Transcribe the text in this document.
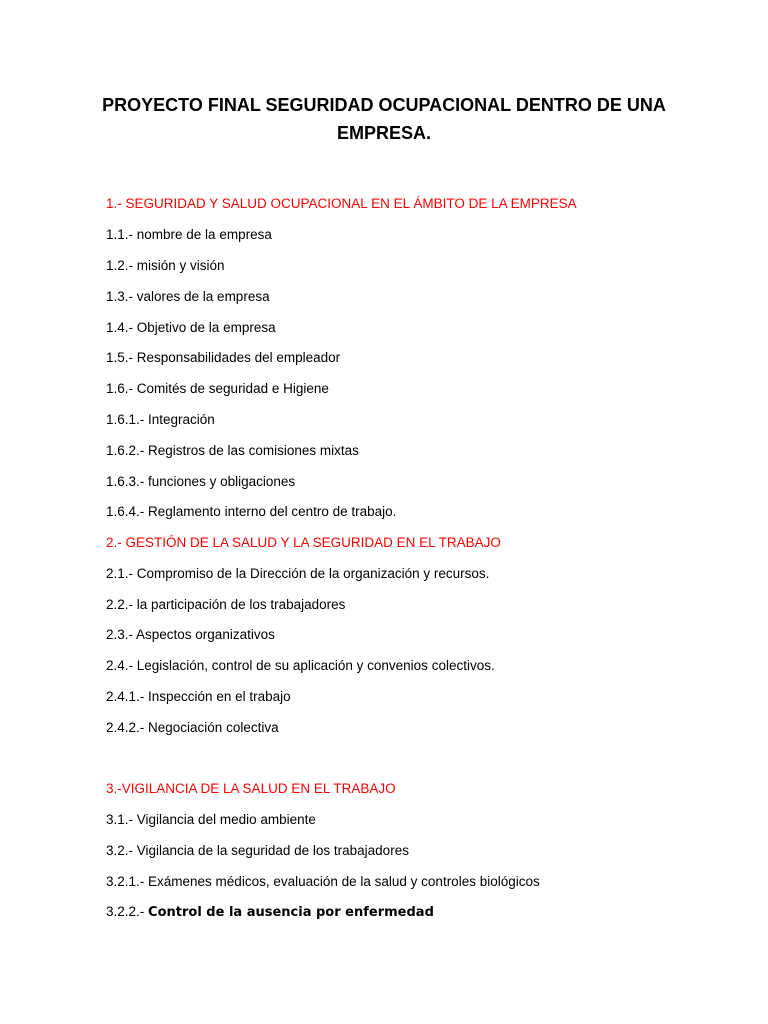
PROYECTO FINAL SEGURIDAD OCUPACIONAL DENTRO DE UNA
EMPRESA.

1.- SEGURIDAD Y SALUD OCUPACIONAL EN EL ÁMBITO DE LA EMPRESA

1.1.- nombre de la empresa

1.2.- misión y visión

1.3.- valores de la empresa

1.4.- Objetivo de la empresa

1.5.- Responsabilidades del empleador

1.6.- Comités de seguridad e Higiene

1.6.1.- Integración

1.6.2.- Registros de las comisiones mixtas

1.6.3.- funciones y obligaciones

1.6.4.- Reglamento interno del centro de trabajo.

2.- GESTIÓN DE LA SALUD Y LA SEGURIDAD EN EL TRABAJO

2.1.- Compromiso de la Dirección de la organización y recursos.

2.2.- la participación de los trabajadores

2.3.- Aspectos organizativos

2.4.- Legislación, control de su aplicación y convenios colectivos.

2.4.1.- Inspección en el trabajo

2.4.2.- Negociación colectiva

3.-VIGILANCIA DE LA SALUD EN EL TRABAJO

3.1.- Vigilancia del medio ambiente

3.2.- Vigilancia de la seguridad de los trabajadores

3.2.1.- Exámenes médicos, evaluación de la salud y controles biológicos

3.2.2.- Control de la ausencia por enfermedad
